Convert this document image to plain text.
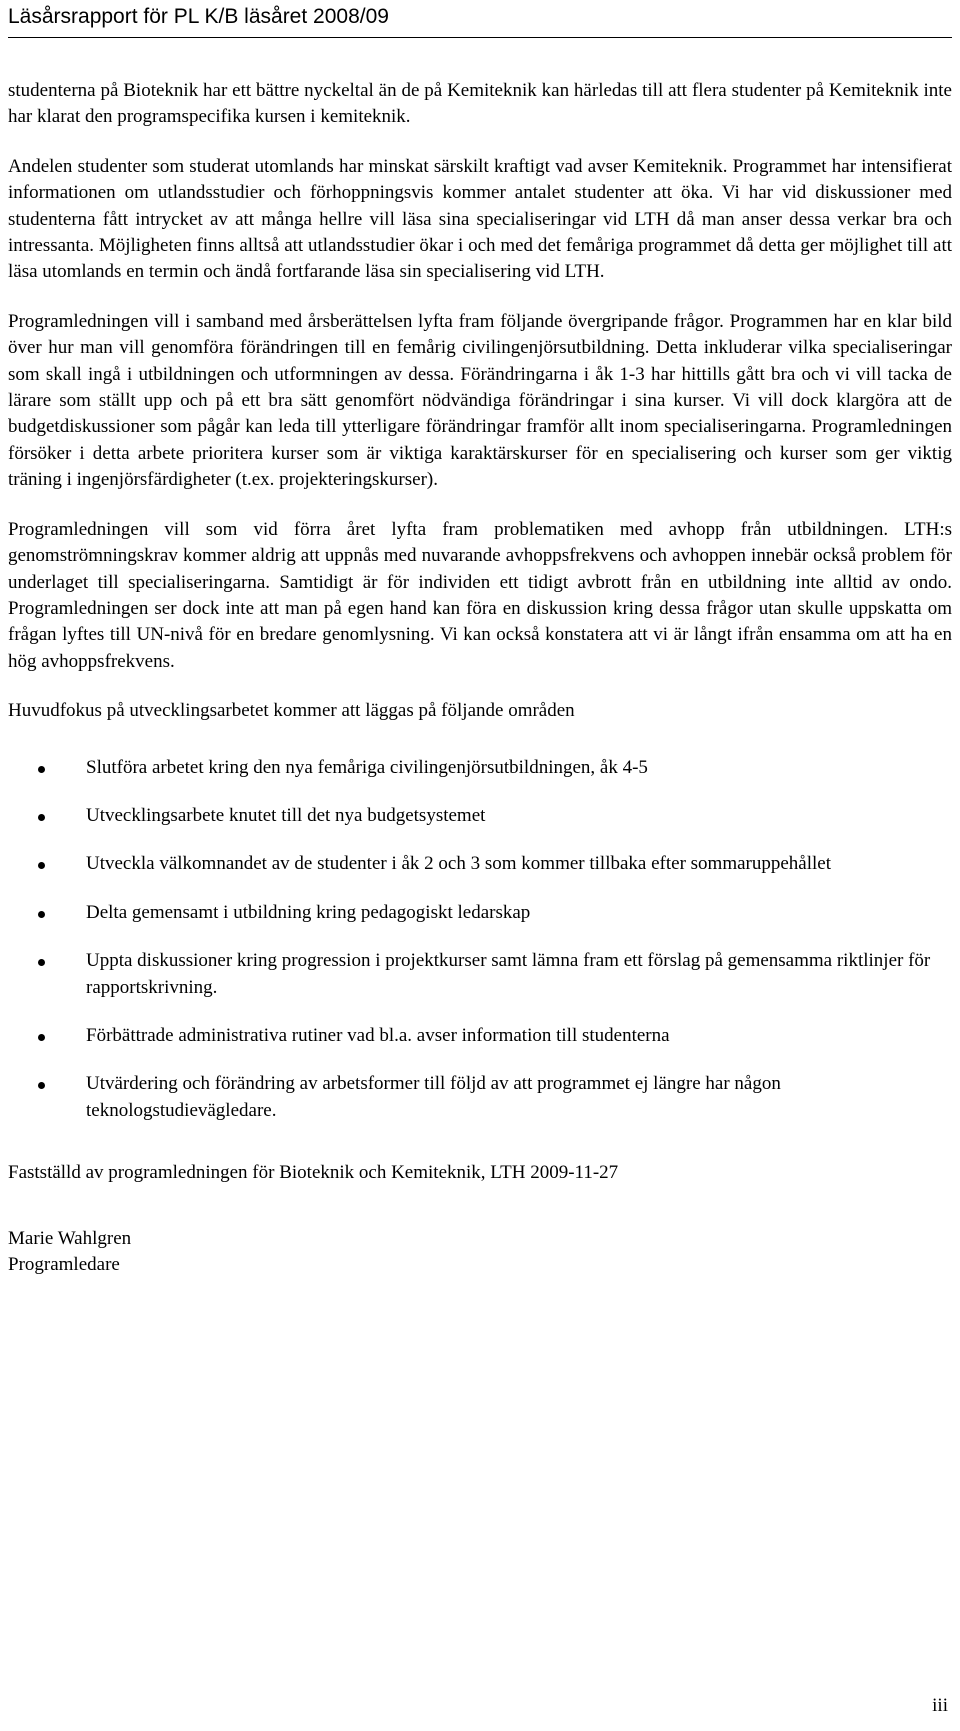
Läsårsrapport för PL K/B läsåret 2008/09

studenterna på Bioteknik har ett bättre nyckeltal än de på Kemiteknik kan härledas till att flera studenter på Kemiteknik inte har klarat den programspecifika kursen i kemiteknik.

Andelen studenter som studerat utomlands har minskat särskilt kraftigt vad avser Kemiteknik. Programmet har intensifierat informationen om utlandsstudier och förhoppningsvis kommer antalet studenter att öka. Vi har vid diskussioner med studenterna fått intrycket av att många hellre vill läsa sina specialiseringar vid LTH då man anser dessa verkar bra och intressanta. Möjligheten finns alltså att utlandsstudier ökar i och med det femåriga programmet då detta ger möjlighet till att läsa utomlands en termin och ändå fortfarande läsa sin specialisering vid LTH.

Programledningen vill i samband med årsberättelsen lyfta fram följande övergripande frågor. Programmen har en klar bild över hur man vill genomföra förändringen till en femårig civilingenjörsutbildning. Detta inkluderar vilka specialiseringar som skall ingå i utbildningen och utformningen av dessa. Förändringarna i åk 1-3 har hittills gått bra och vi vill tacka de lärare som ställt upp och på ett bra sätt genomfört nödvändiga förändringar i sina kurser. Vi vill dock klargöra att de budgetdiskussioner som pågår kan leda till ytterligare förändringar framför allt inom specialiseringarna. Programledningen försöker i detta arbete prioritera kurser som är viktiga karaktärskurser för en specialisering och kurser som ger viktig träning i ingenjörsfärdigheter (t.ex. projekteringskurser).

Programledningen vill som vid förra året lyfta fram problematiken med avhopp från utbildningen. LTH:s genomströmningskrav kommer aldrig att uppnås med nuvarande avhoppsfrekvens och avhoppen innebär också problem för underlaget till specialiseringarna. Samtidigt är för individen ett tidigt avbrott från en utbildning inte alltid av ondo. Programledningen ser dock inte att man på egen hand kan föra en diskussion kring dessa frågor utan skulle uppskatta om frågan lyftes till UN-nivå för en bredare genomlysning. Vi kan också konstatera att vi är långt ifrån ensamma om att ha en hög avhoppsfrekvens.

Huvudfokus på utvecklingsarbetet kommer att läggas på följande områden

Slutföra arbetet kring den nya femåriga civilingenjörsutbildningen, åk 4-5
Utvecklingsarbete knutet till det nya budgetsystemet
Utveckla välkomnandet av de studenter i åk 2 och 3 som kommer tillbaka efter sommaruppehållet
Delta gemensamt i utbildning kring pedagogiskt ledarskap
Uppta diskussioner kring progression i projektkurser samt lämna fram ett förslag på gemensamma riktlinjer för rapportskrivning.
Förbättrade administrativa rutiner vad bl.a. avser information till studenterna
Utvärdering och förändring av arbetsformer till följd av att programmet ej längre har någon teknologstudievägledare.

Fastställd av programledningen för Bioteknik och Kemiteknik, LTH 2009-11-27

Marie Wahlgren
Programledare

iii
